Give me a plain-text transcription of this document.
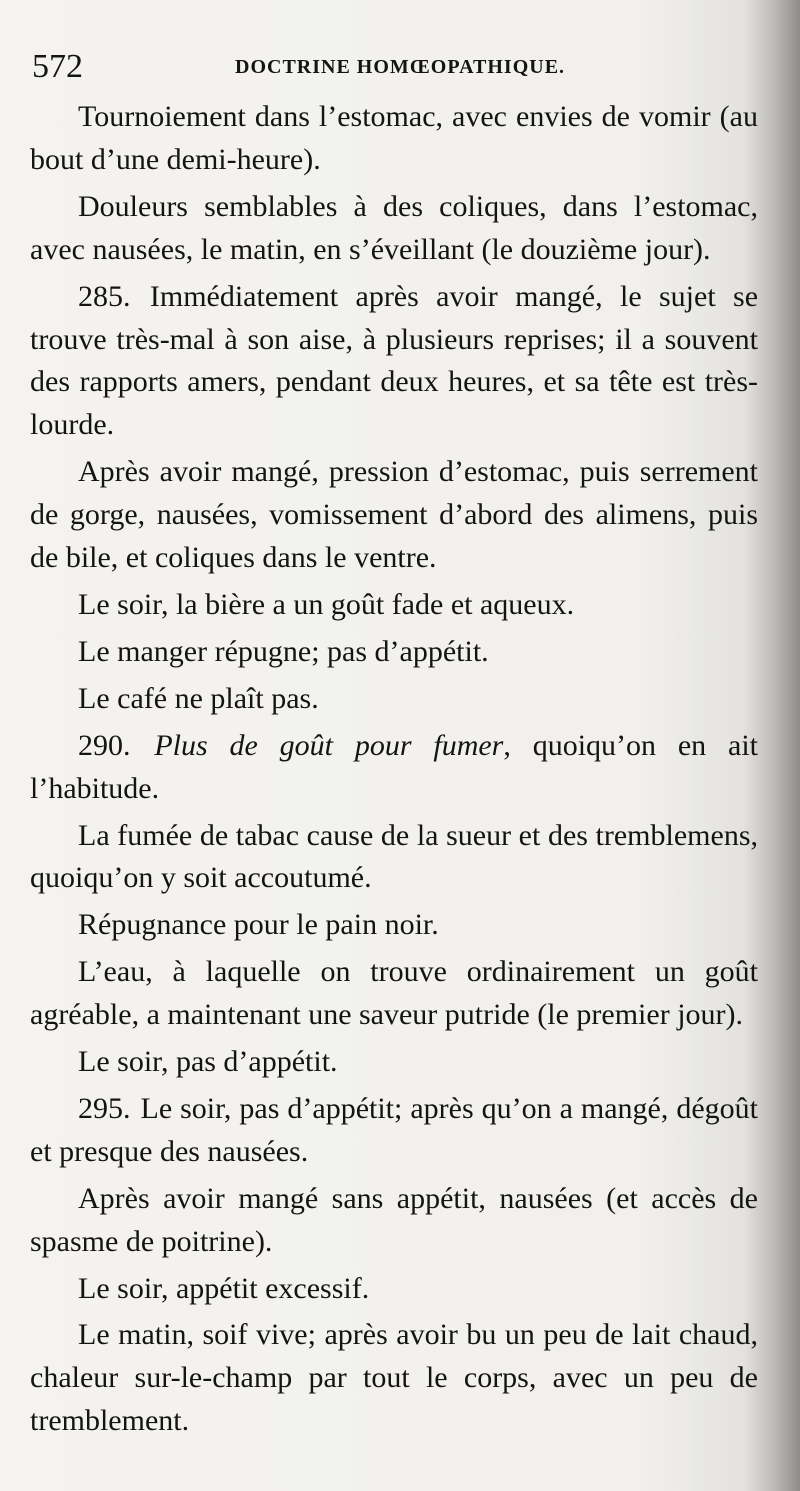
572	DOCTRINE HOMŒOPATHIQUE.

Tournoiement dans l’estomac, avec envies de vomir (au bout d’une demi-heure).

Douleurs semblables à des coliques, dans l’estomac, avec nausées, le matin, en s’éveillant (le douzième jour).

285. Immédiatement après avoir mangé, le sujet se trouve très-mal à son aise, à plusieurs reprises; il a souvent des rapports amers, pendant deux heures, et sa tête est très-lourde.

Après avoir mangé, pression d’estomac, puis serrement de gorge, nausées, vomissement d’abord des alimens, puis de bile, et coliques dans le ventre.

Le soir, la bière a un goût fade et aqueux.

Le manger répugne; pas d’appétit.

Le café ne plaît pas.

290. Plus de goût pour fumer, quoiqu’on en ait l’habitude.

La fumée de tabac cause de la sueur et des tremblemens, quoiqu’on y soit accoutumé.

Répugnance pour le pain noir.

L’eau, à laquelle on trouve ordinairement un goût agréable, a maintenant une saveur putride (le premier jour).

Le soir, pas d’appétit.

295. Le soir, pas d’appétit; après qu’on a mangé, dégoût et presque des nausées.

Après avoir mangé sans appétit, nausées (et accès de spasme de poitrine).

Le soir, appétit excessif.

Le matin, soif vive; après avoir bu un peu de lait chaud, chaleur sur-le-champ par tout le corps, avec un peu de tremblement.
